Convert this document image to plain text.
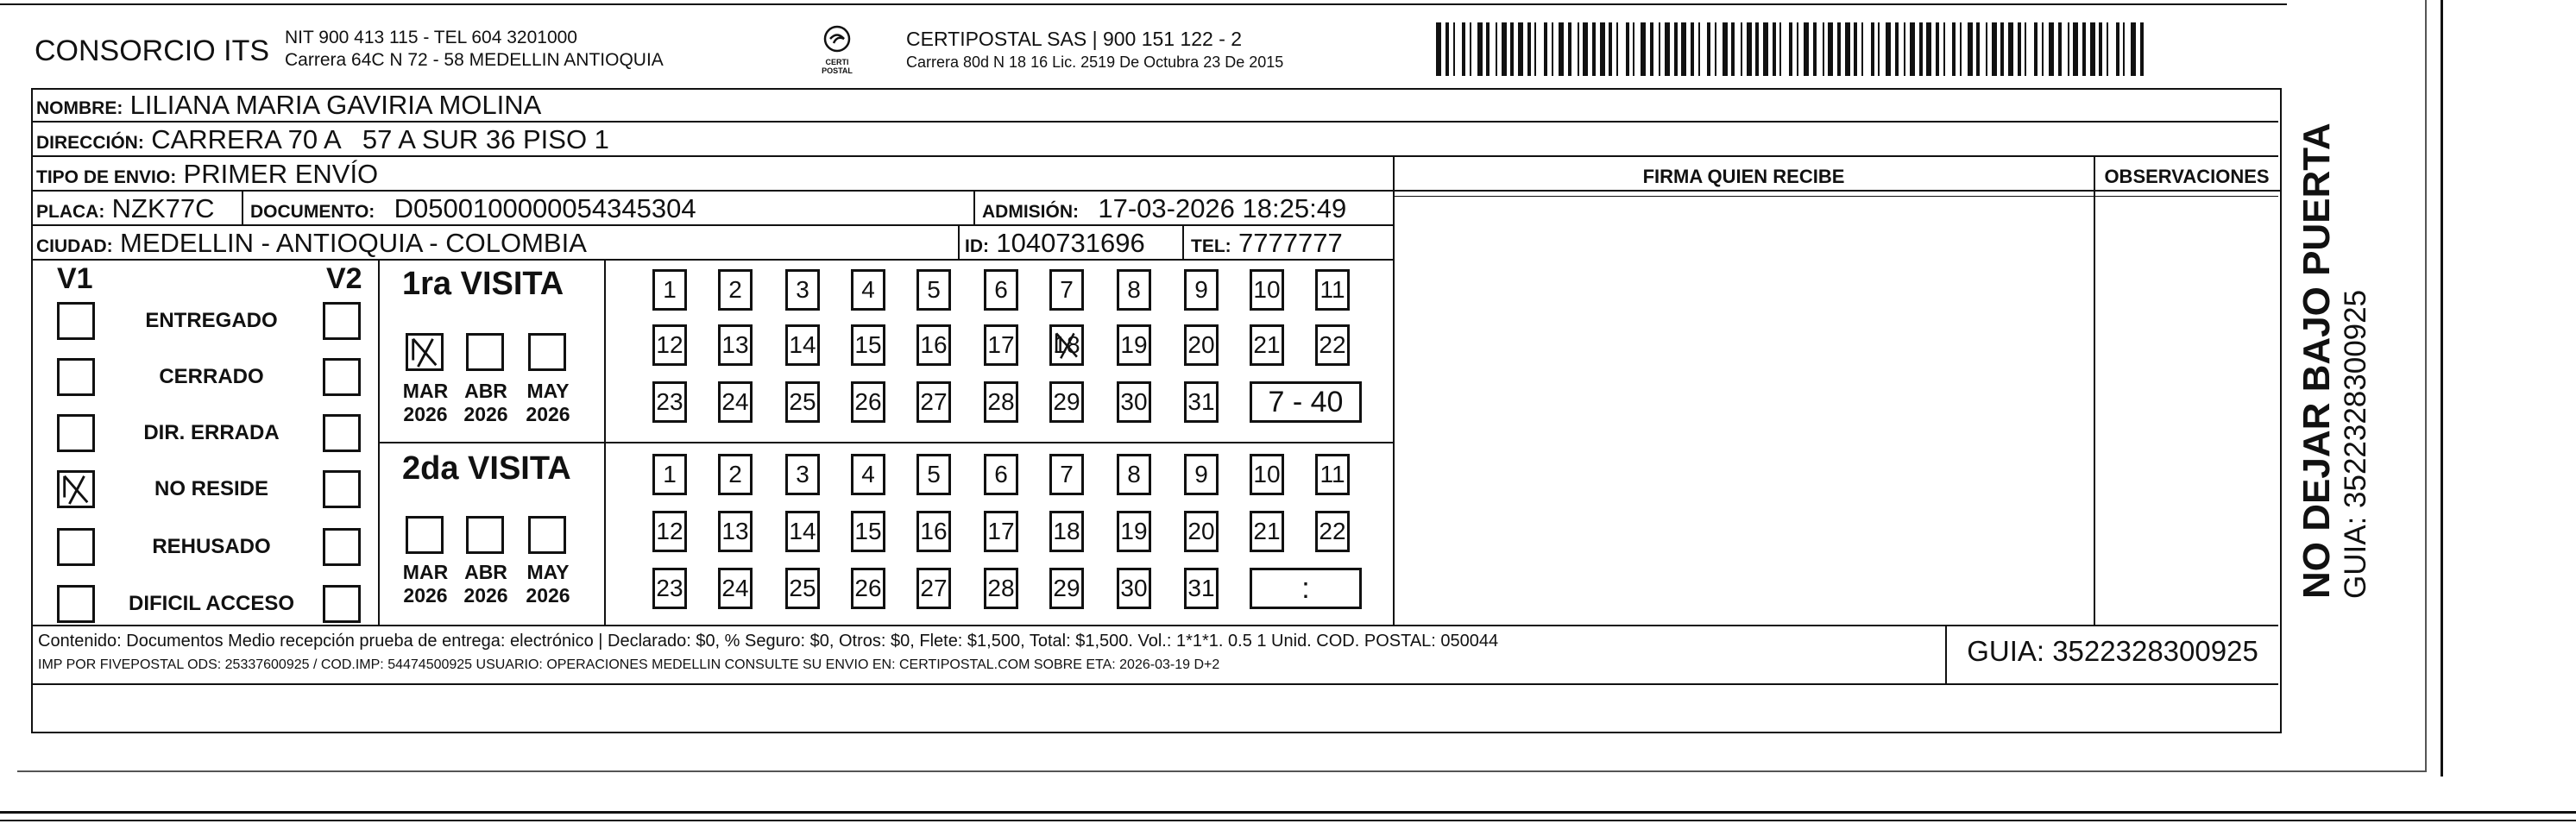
CONSORCIO ITS NIT 900 413 115 - TEL 604 3201000
Carrera 64C N 72 - 58 MEDELLIN ANTIOQUIA	CERTI POSTAL
CERTIPOSTAL SAS | 900 151 122 - 2
Carrera 80d N 18 16 Lic. 2519 De Octubra 23 De 2015
NOMBRE: LILIANA MARIA GAVIRIA MOLINA
DIRECCIÓN: CARRERA 70 A   57 A SUR 36 PISO 1
TIPO DE ENVIO: PRIMER ENVÍO	FIRMA QUIEN RECIBE	OBSERVACIONES
PLACA: NZK77C DOCUMENTO: D0500100000054345304	ADMISIÓN: 17-03-2026 18:25:49
CIUDAD: MEDELLIN - ANTIOQUIA - COLOMBIA	ID: 1040731696	TEL: 7777777
V1	V2
ENTREGADO
CERRADO
DIR. ERRADA
NO RESIDE
REHUSADO
DIFICIL ACCESO
1ra VISITA
2da VISITA
MAR
2026
ABR
2026
MAY
2026
MAR
2026
ABR
2026
MAY
2026
1	2	3	4	5	6	7	8	9	10 11
12 13 14 15 16 17 18 19 20 21 22
23 24 25 26 27 28 29 30 31	7 - 40
1	2	3	4	5	6	7	8	9	10 11
12 13 14 15 16 17 18 19 20 21 22
23 24 25 26 27 28 29 30 31	:
Contenido: Documentos Medio recepción prueba de entrega: electrónico | Declarado: $0, % Seguro: $0, Otros: $0, Flete: $1,500, Total: $1,500. Vol.: 1*1*1. 0.5 1 Unid. COD. POSTAL: 050044
IMP POR FIVEPOSTAL ODS: 25337600925 / COD.IMP: 54474500925 USUARIO: OPERACIONES MEDELLIN CONSULTE SU ENVIO EN: CERTIPOSTAL.COM SOBRE ETA: 2026-03-19 D+2	GUIA: 3522328300925
NO DEJAR BAJO PUERTA GUIA: 3522328300925
